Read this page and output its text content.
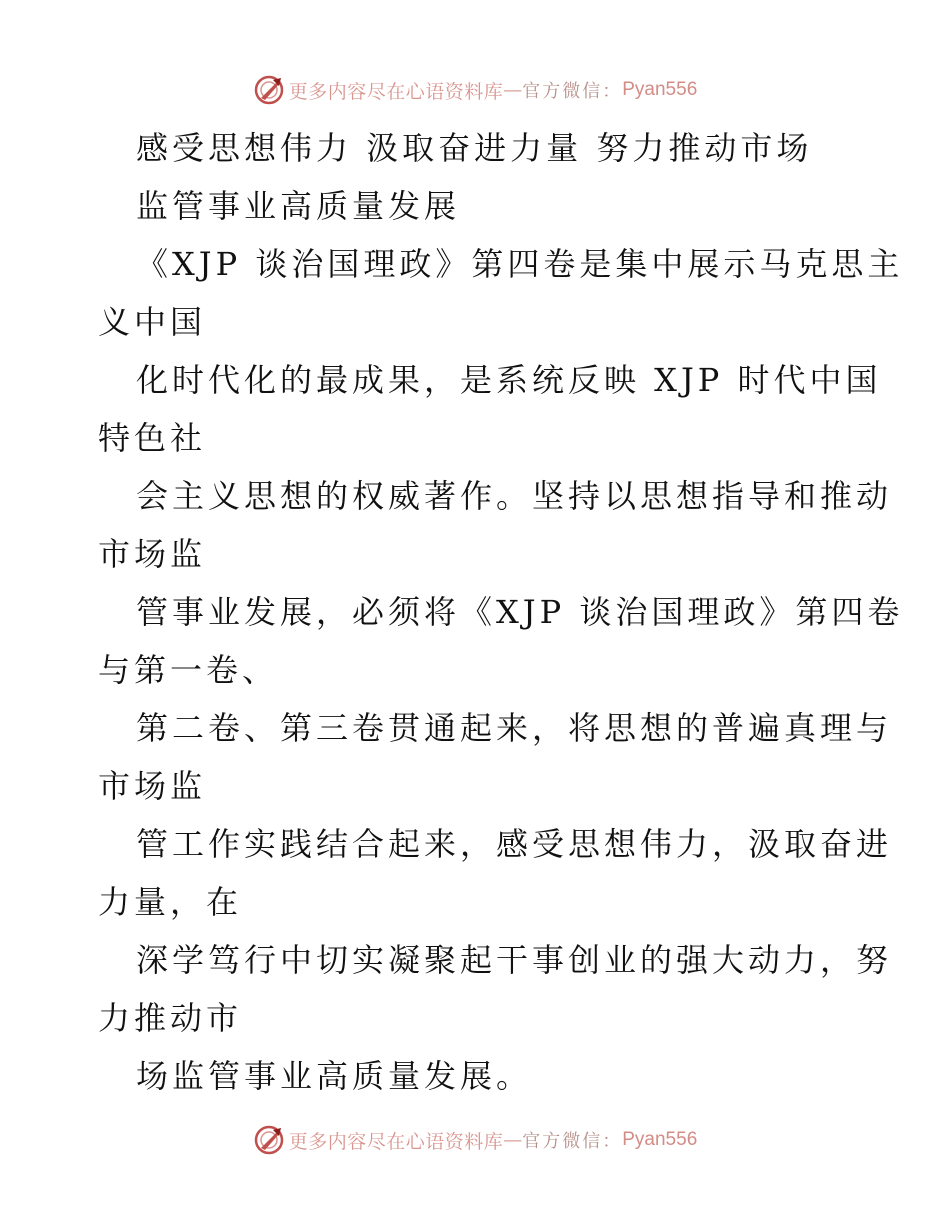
更多内容尽在心语资料库 — 官方微信： Pyan556
感受思想伟力 汲取奋进力量 努力推动市场
监管事业高质量发展
《XJP 谈治国理政》第四卷是集中展示马克思主
义中国
化时代化的最成果，是系统反映 XJP 时代中国
特色社
会主义思想的权威著作。坚持以思想指导和推动
市场监
管事业发展，必须将《XJP 谈治国理政》第四卷
与第一卷、
第二卷、第三卷贯通起来，将思想的普遍真理与
市场监
管工作实践结合起来，感受思想伟力，汲取奋进
力量，在
深学笃行中切实凝聚起干事创业的强大动力，努
力推动市
场监管事业高质量发展。
更多内容尽在心语资料库 — 官方微信： Pyan556
